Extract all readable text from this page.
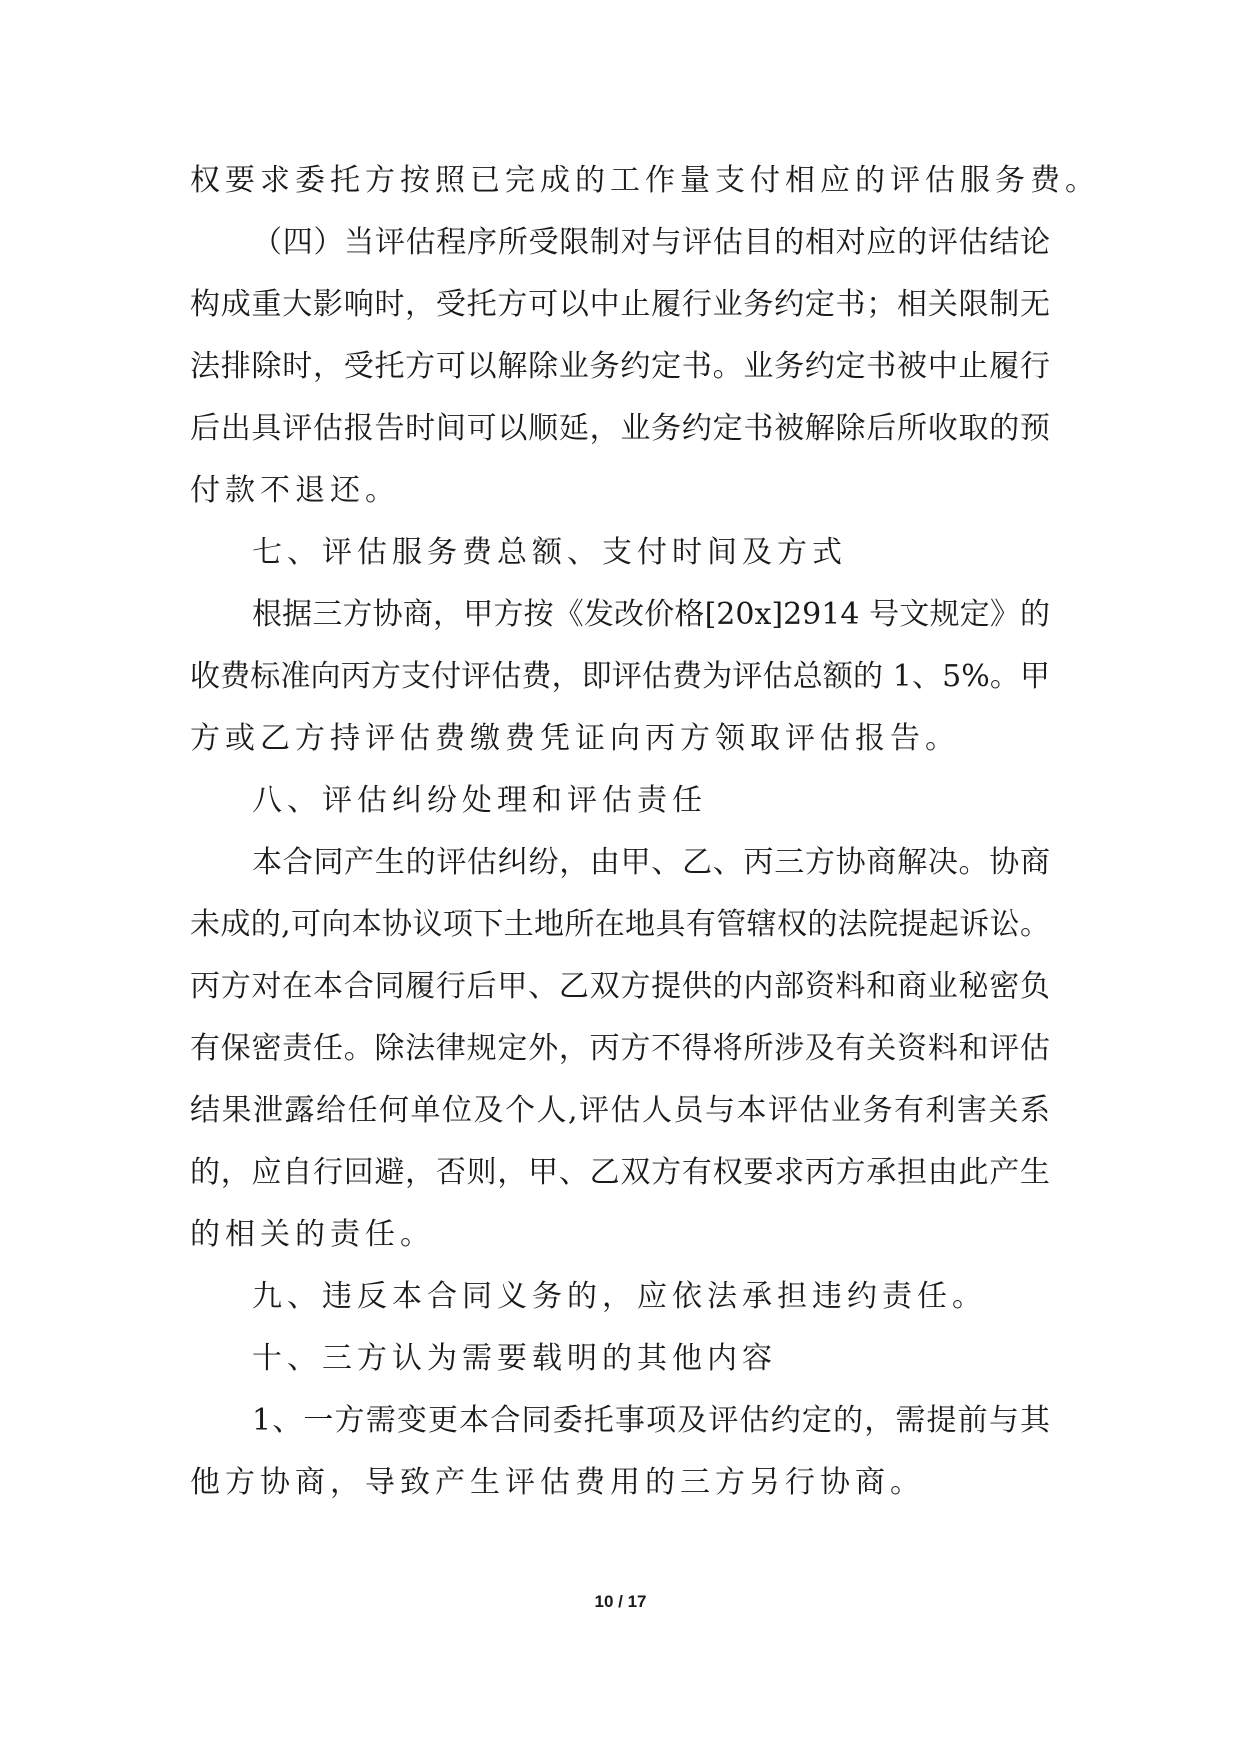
权要求委托方按照已完成的工作量支付相应的评估服务费。
（四）当评估程序所受限制对与评估目的相对应的评估结论
构成重大影响时，受托方可以中止履行业务约定书；相关限制无
法排除时，受托方可以解除业务约定书。业务约定书被中止履行
后出具评估报告时间可以顺延，业务约定书被解除后所收取的预
付款不退还。
七、评估服务费总额、支付时间及方式
根据三方协商，甲方按《发改价格[20x]2914 号文规定》的
收费标准向丙方支付评估费，即评估费为评估总额的 1、5%。甲
方或乙方持评估费缴费凭证向丙方领取评估报告。
八、评估纠纷处理和评估责任
本合同产生的评估纠纷，由甲、乙、丙三方协商解决。协商
未成的,可向本协议项下土地所在地具有管辖权的法院提起诉讼。
丙方对在本合同履行后甲、乙双方提供的内部资料和商业秘密负
有保密责任。除法律规定外，丙方不得将所涉及有关资料和评估
结果泄露给任何单位及个人,评估人员与本评估业务有利害关系
的，应自行回避，否则，甲、乙双方有权要求丙方承担由此产生
的相关的责任。
九、违反本合同义务的，应依法承担违约责任。
十、三方认为需要载明的其他内容
1、一方需变更本合同委托事项及评估约定的，需提前与其
他方协商，导致产生评估费用的三方另行协商。
10 / 17
